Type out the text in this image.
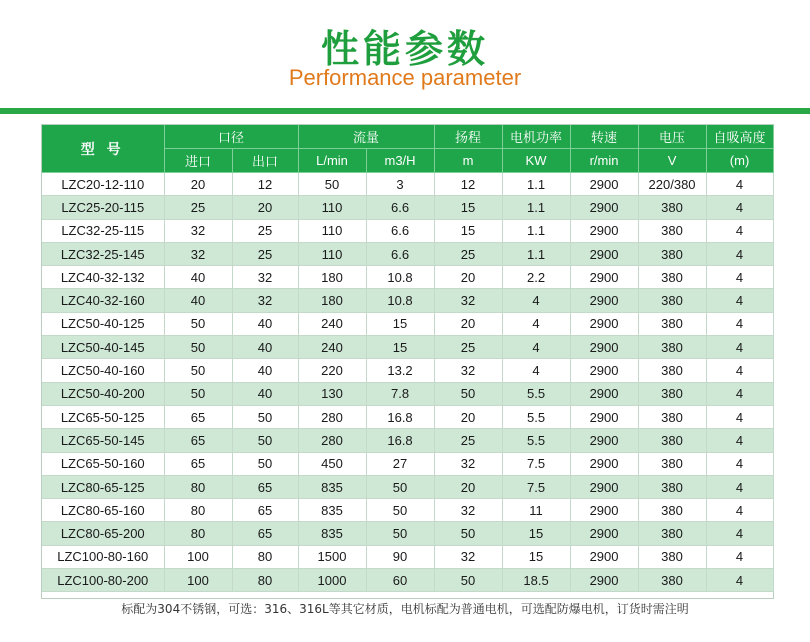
性能参数
Performance parameter
型 号	口径		流量		扬程	电机功率	转速	电压	自吸高度
	进口	出口	L/min	m3/H	m	KW	r/min	V	(m)
LZC20-12-110	20	12	50	3	12	1.1	2900	220/380	4
LZC25-20-115	25	20	110	6.6	15	1.1	2900	380	4
LZC32-25-115	32	25	110	6.6	15	1.1	2900	380	4
LZC32-25-145	32	25	110	6.6	25	1.1	2900	380	4
LZC40-32-132	40	32	180	10.8	20	2.2	2900	380	4
LZC40-32-160	40	32	180	10.8	32	4	2900	380	4
LZC50-40-125	50	40	240	15	20	4	2900	380	4
LZC50-40-145	50	40	240	15	25	4	2900	380	4
LZC50-40-160	50	40	220	13.2	32	4	2900	380	4
LZC50-40-200	50	40	130	7.8	50	5.5	2900	380	4
LZC65-50-125	65	50	280	16.8	20	5.5	2900	380	4
LZC65-50-145	65	50	280	16.8	25	5.5	2900	380	4
LZC65-50-160	65	50	450	27	32	7.5	2900	380	4
LZC80-65-125	80	65	835	50	20	7.5	2900	380	4
LZC80-65-160	80	65	835	50	32	11	2900	380	4
LZC80-65-200	80	65	835	50	50	15	2900	380	4
LZC100-80-160	100	80	1500	90	32	15	2900	380	4
LZC100-80-200	100	80	1000	60	50	18.5	2900	380	4
标配为304不锈钢，可选：316、316L等其它材质，电机标配为普通电机，可选配防爆电机，订货时需注明
